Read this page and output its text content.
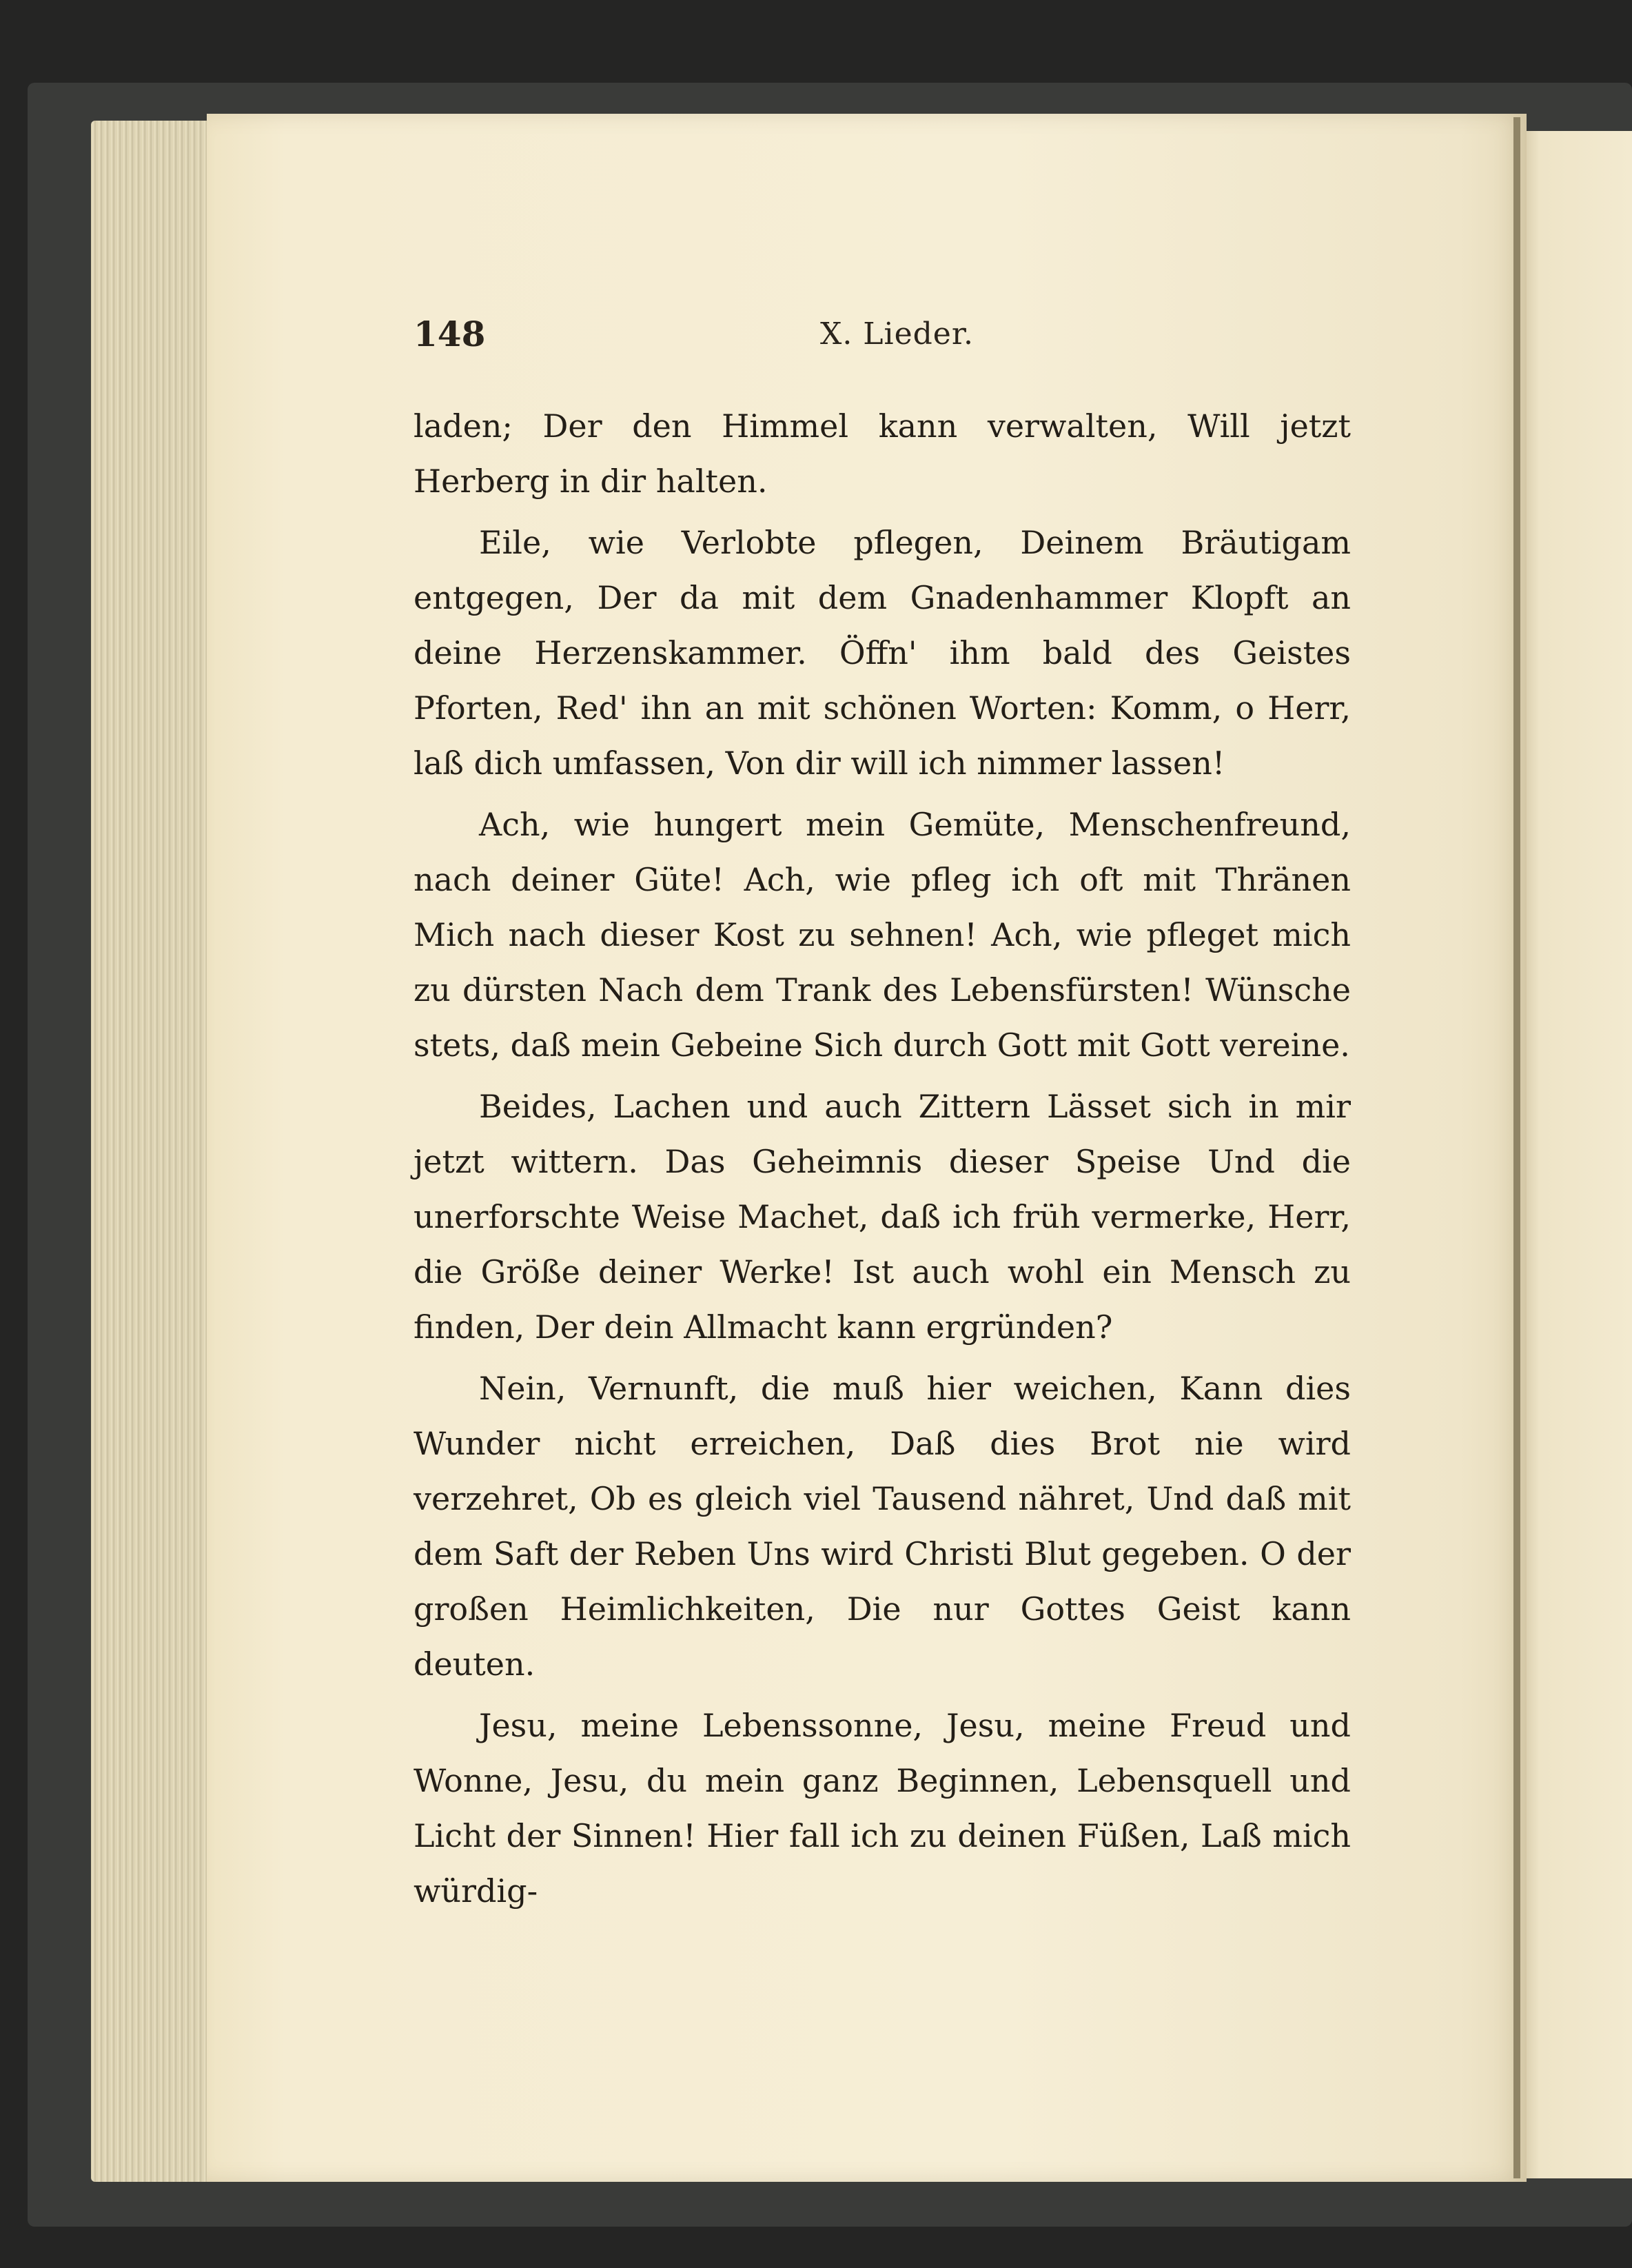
148	X. Lieder.

laden; Der den Himmel kann verwalten, Will jetzt Herberg in dir halten.

Eile, wie Verlobte pflegen, Deinem Bräutigam entgegen, Der da mit dem Gnadenhammer Klopft an deine Herzenskammer. Öffn' ihm bald des Geistes Pforten, Red' ihn an mit schönen Worten: Komm, o Herr, laß dich umfassen, Von dir will ich nimmer lassen!

Ach, wie hungert mein Gemüte, Menschenfreund, nach deiner Güte! Ach, wie pfleg ich oft mit Thränen Mich nach dieser Kost zu sehnen! Ach, wie pfleget mich zu dürsten Nach dem Trank des Lebensfürsten! Wünsche stets, daß mein Gebeine Sich durch Gott mit Gott vereine.

Beides, Lachen und auch Zittern Lässet sich in mir jetzt wittern. Das Geheimnis dieser Speise Und die unerforschte Weise Machet, daß ich früh vermerke, Herr, die Größe deiner Werke! Ist auch wohl ein Mensch zu finden, Der dein Allmacht kann ergründen?

Nein, Vernunft, die muß hier weichen, Kann dies Wunder nicht erreichen, Daß dies Brot nie wird verzehret, Ob es gleich viel Tausend nähret, Und daß mit dem Saft der Reben Uns wird Christi Blut gegeben. O der großen Heimlichkeiten, Die nur Gottes Geist kann deuten.

Jesu, meine Lebenssonne, Jesu, meine Freud und Wonne, Jesu, du mein ganz Beginnen, Lebensquell und Licht der Sinnen! Hier fall ich zu deinen Füßen, Laß mich würdig-
